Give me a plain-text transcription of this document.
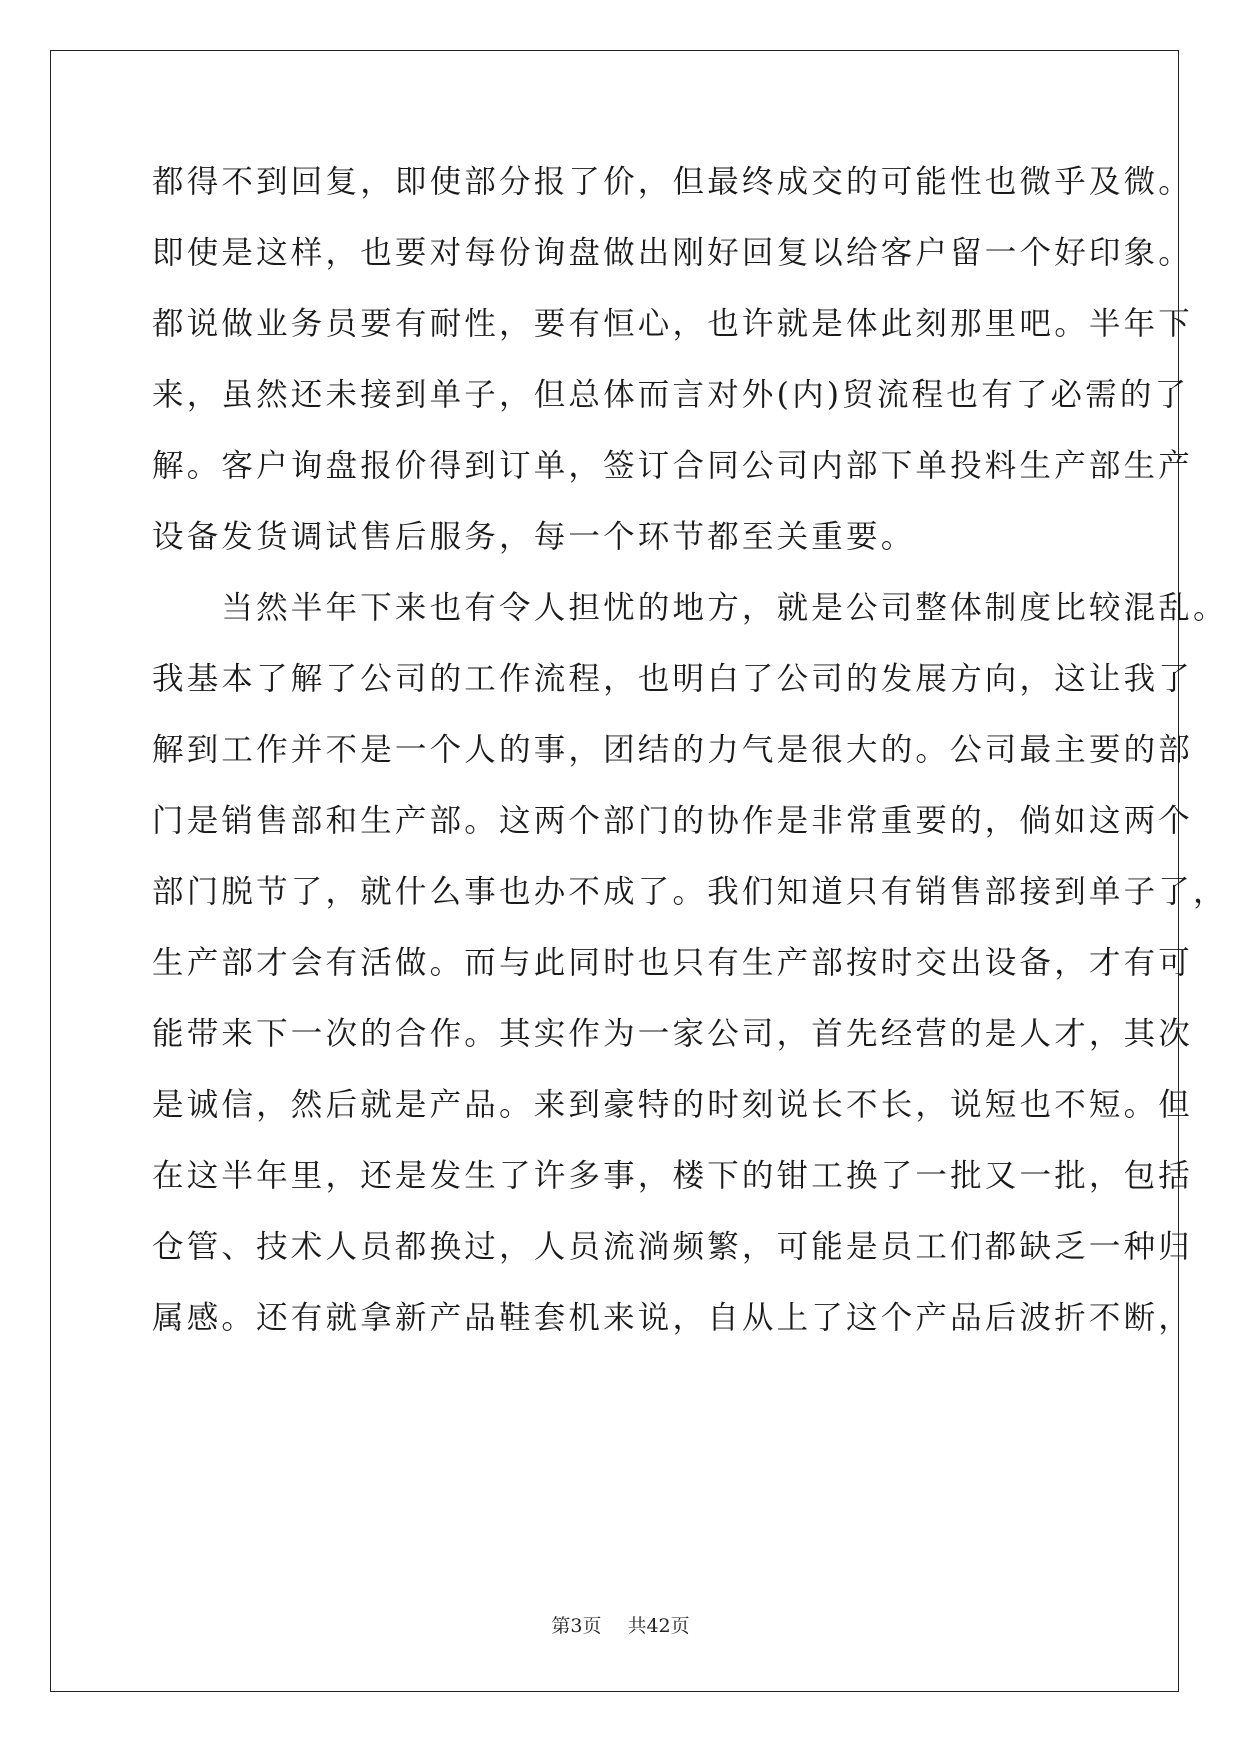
都得不到回复，即使部分报了价，但最终成交的可能性也微乎及微。
即使是这样，也要对每份询盘做出刚好回复以给客户留一个好印象。
都说做业务员要有耐性，要有恒心，也许就是体此刻那里吧。半年下
来，虽然还未接到单子，但总体而言对外(内)贸流程也有了必需的了
解。客户询盘报价得到订单，签订合同公司内部下单投料生产部生产
设备发货调试售后服务，每一个环节都至关重要。
　　当然半年下来也有令人担忧的地方，就是公司整体制度比较混乱。
我基本了解了公司的工作流程，也明白了公司的发展方向，这让我了
解到工作并不是一个人的事，团结的力气是很大的。公司最主要的部
门是销售部和生产部。这两个部门的协作是非常重要的，倘如这两个
部门脱节了，就什么事也办不成了。我们知道只有销售部接到单子了，
生产部才会有活做。而与此同时也只有生产部按时交出设备，才有可
能带来下一次的合作。其实作为一家公司，首先经营的是人才，其次
是诚信，然后就是产品。来到豪特的时刻说长不长，说短也不短。但
在这半年里，还是发生了许多事，楼下的钳工换了一批又一批，包括
仓管、技术人员都换过，人员流淌频繁，可能是员工们都缺乏一种归
属感。还有就拿新产品鞋套机来说，自从上了这个产品后波折不断，
第3页 共42页
